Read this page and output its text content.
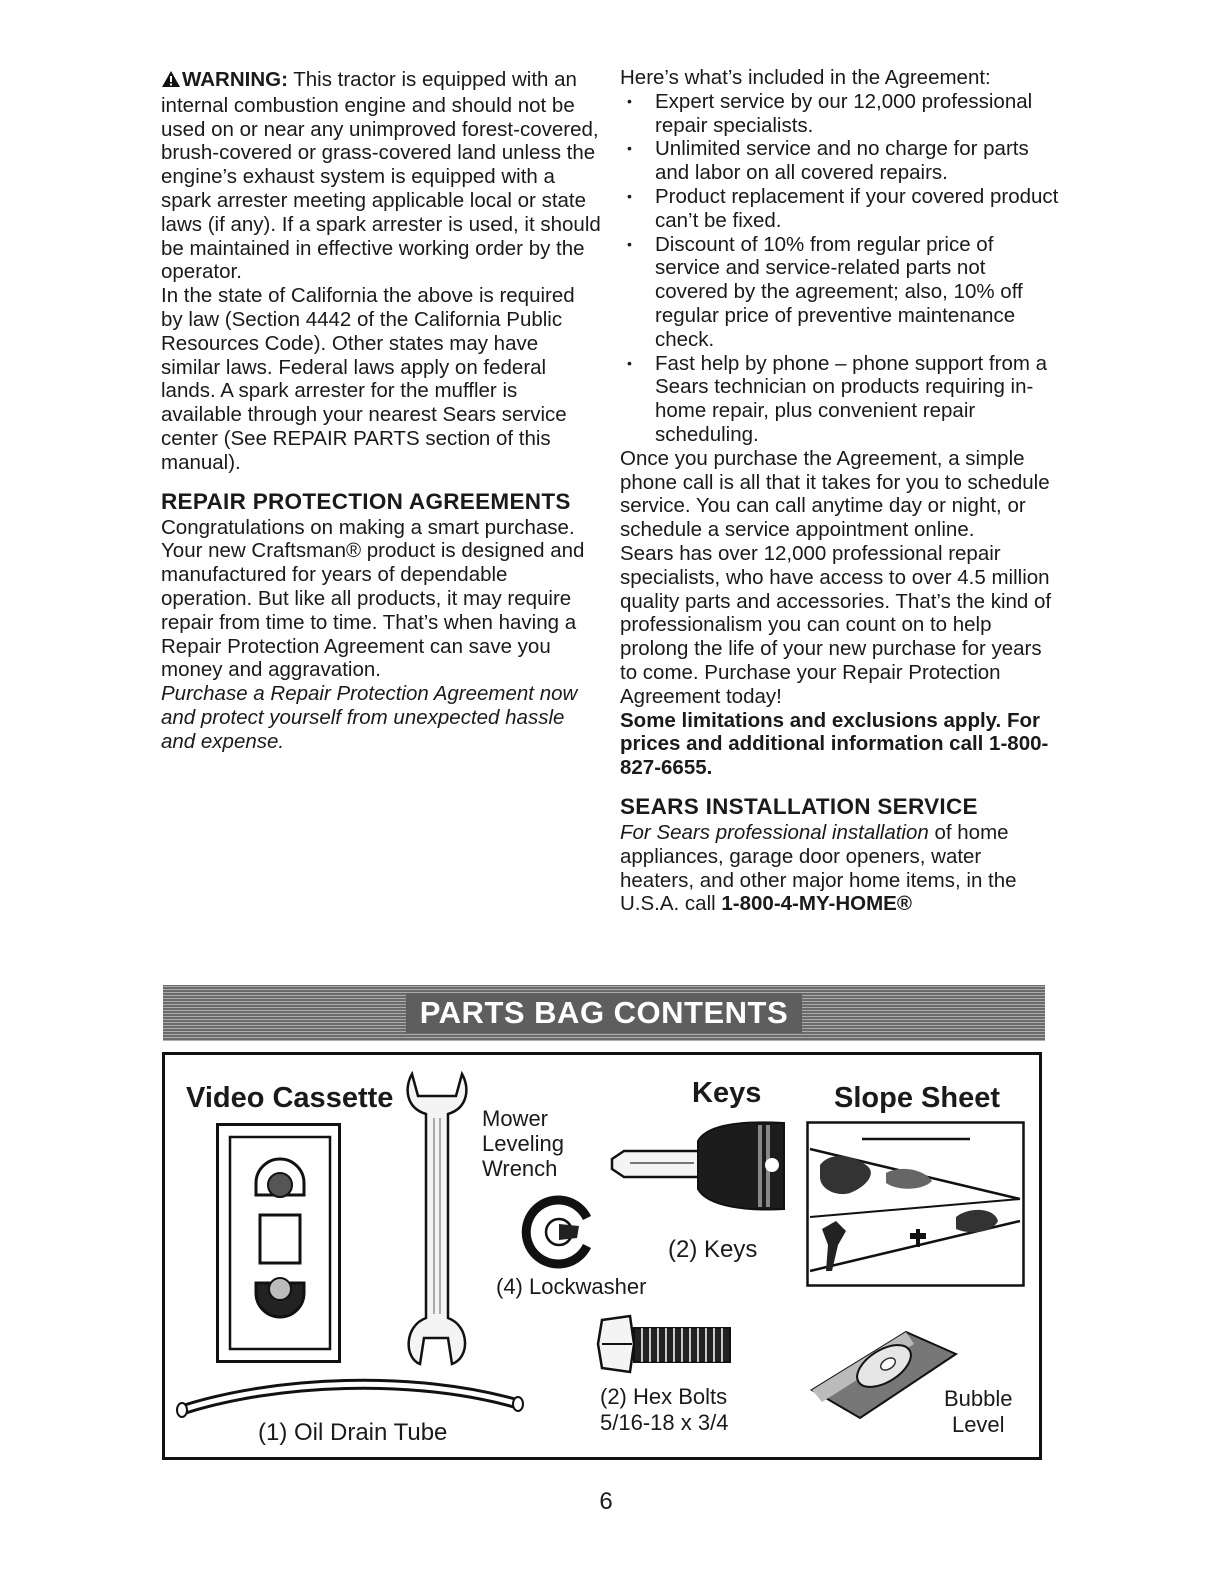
WARNING: This tractor is equipped with an internal combustion engine and should not be used on or near any unimproved forest-covered, brush-covered or grass-covered land unless the engine’s exhaust system is equipped with a spark arrester meeting applicable local or state laws (if any). If a spark arrester is used, it should be maintained in effective working order by the operator.

In the state of California the above is required by law (Section 4442 of the California Public Resources Code). Other states may have similar laws. Federal laws apply on federal lands. A spark arrester for the muffler is available through your nearest Sears service center (See REPAIR PARTS section of this manual).

REPAIR PROTECTION AGREEMENTS

Congratulations on making a smart purchase. Your new Craftsman® product is designed and manufactured for years of dependable operation. But like all products, it may require repair from time to time. That’s when having a Repair Protection Agreement can save you money and aggravation.

Purchase a Repair Protection Agreement now and protect yourself from unexpected hassle and expense.

Here’s what’s included in the Agreement:

• Expert service by our 12,000 professional repair specialists.
• Unlimited service and no charge for parts and labor on all covered repairs.
• Product replacement if your covered product can’t be fixed.
• Discount of 10% from regular price of service and service-related parts not covered by the agreement; also, 10% off regular price of preventive maintenance check.
• Fast help by phone – phone support from a Sears technician on products requiring in-home repair, plus convenient repair scheduling.

Once you purchase the Agreement, a simple phone call is all that it takes for you to schedule service. You can call anytime day or night, or schedule a service appointment online.

Sears has over 12,000 professional repair specialists, who have access to over 4.5 million quality parts and accessories. That’s the kind of professionalism you can count on to help prolong the life of your new purchase for years to come. Purchase your Repair Protection Agreement today!

Some limitations and exclusions apply. For prices and additional information call 1-800-827-6655.

SEARS INSTALLATION SERVICE

For Sears professional installation of home appliances, garage door openers, water heaters, and other major home items, in the U.S.A. call 1-800-4-MY-HOME®

PARTS BAG CONTENTS
Video Cassette
Mower
Leveling
Wrench
Keys	Slope Sheet
(2) Keys
(4) Lockwasher
(1) Oil Drain Tube
(2) Hex Bolts
5/16-18 x 3/4
Bubble
Level
6
